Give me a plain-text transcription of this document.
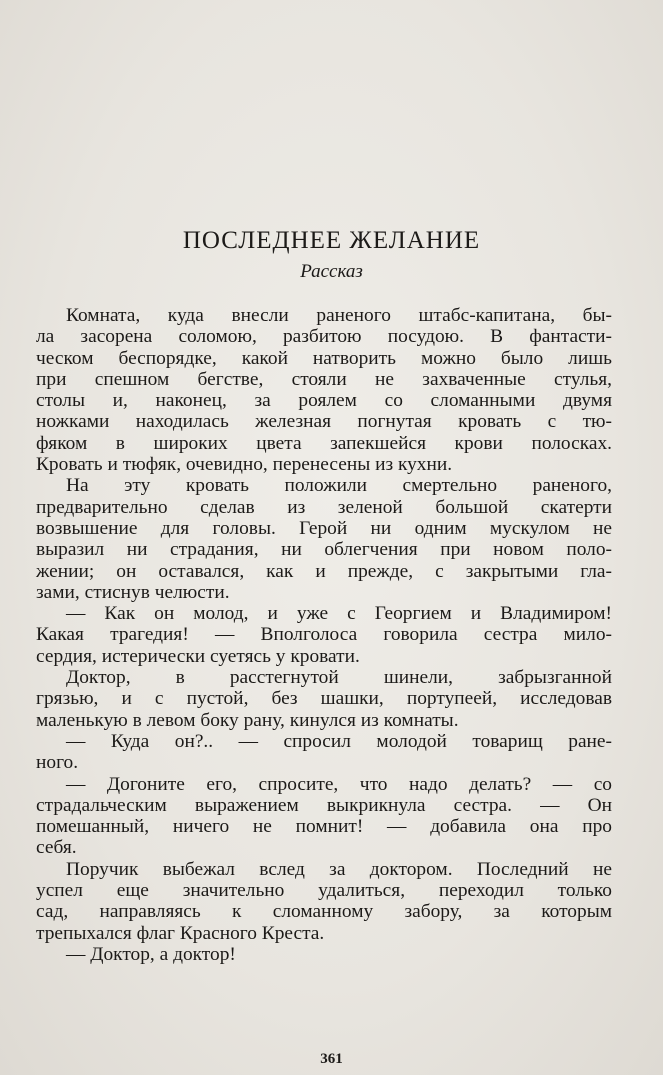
ПОСЛЕДНЕЕ ЖЕЛАНИЕ
Рассказ
Комната, куда внесли раненого штабс-капитана, бы-
ла засорена соломою, разбитою посудою. В фантасти-
ческом беспорядке, какой натворить можно было лишь
при спешном бегстве, стояли не захваченные стулья,
столы и, наконец, за роялем со сломанными двумя
ножками находилась железная погнутая кровать с тю-
фяком в широких цвета запекшейся крови полосках.
Кровать и тюфяк, очевидно, перенесены из кухни.
На эту кровать положили смертельно раненого,
предварительно сделав из зеленой большой скатерти
возвышение для головы. Герой ни одним мускулом не
выразил ни страдания, ни облегчения при новом поло-
жении; он оставался, как и прежде, с закрытыми гла-
зами, стиснув челюсти.
— Как он молод, и уже с Георгием и Владимиром!
Какая трагедия! — Вполголоса говорила сестра мило-
сердия, истерически суетясь у кровати.
Доктор, в расстегнутой шинели, забрызганной
грязью, и с пустой, без шашки, портупеей, исследовав
маленькую в левом боку рану, кинулся из комнаты.
— Куда он?.. — спросил молодой товарищ ране-
ного.
— Догоните его, спросите, что надо делать? — со
страдальческим выражением выкрикнула сестра. — Он
помешанный, ничего не помнит! — добавила она про
себя.
Поручик выбежал вслед за доктором. Последний не
успел еще значительно удалиться, переходил только
сад, направляясь к сломанному забору, за которым
трепыхался флаг Красного Креста.
— Доктор, а доктор!
361
